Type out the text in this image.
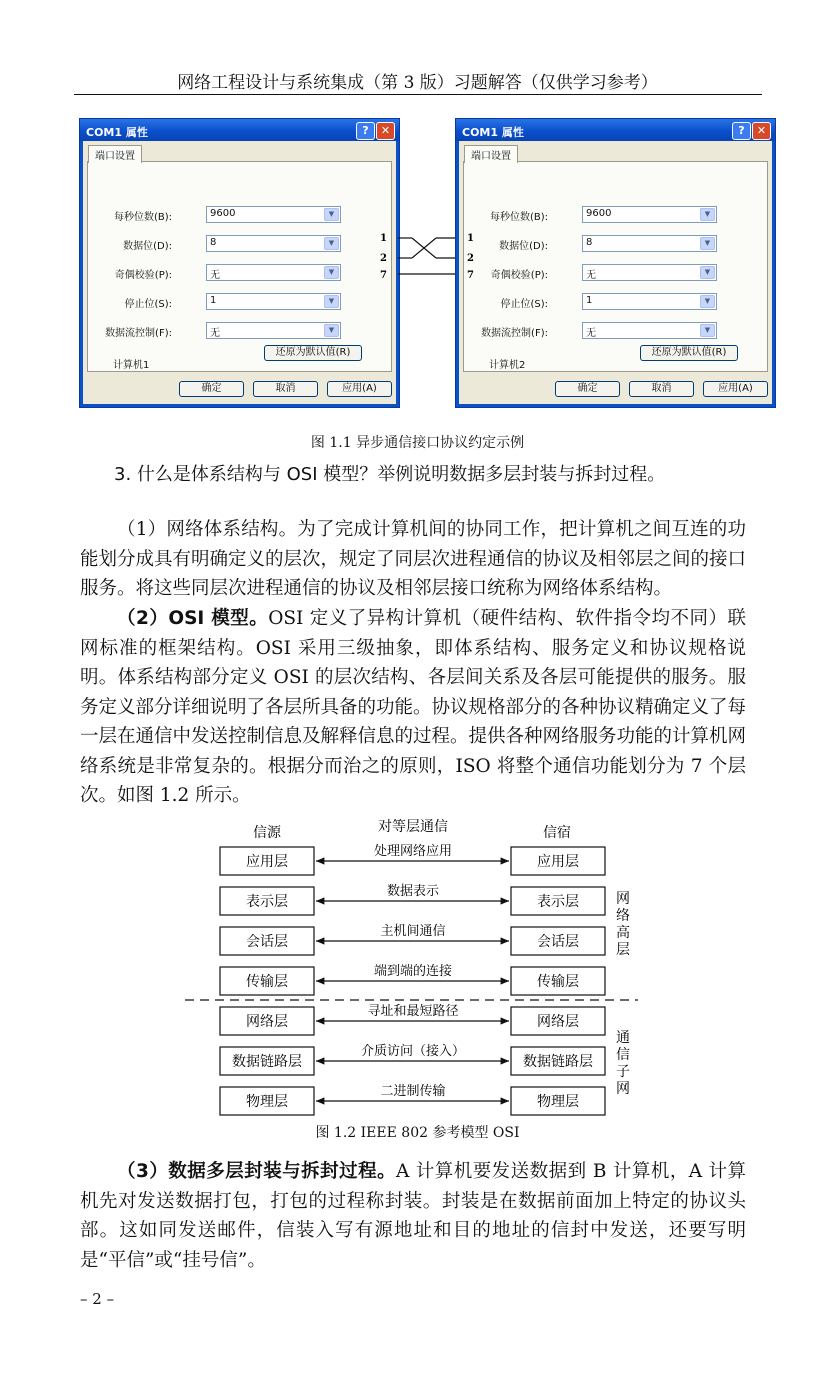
网络工程设计与系统集成（第 3 版）习题解答（仅供学习参考）
COM1 属性	?	✕
端口设置
每秒位数(B):	9600	▼
数据位(D):	8	▼
奇偶校验(P):	无	▼
停止位(S):	1	▼
数据流控制(F):	无	▼
计算机1
还原为默认值(R)
确定	取消	应用(A)
COM1 属性	?	✕
端口设置
每秒位数(B):	9600	▼
数据位(D):	8	▼
奇偶校验(P):	无	▼
停止位(S):	1	▼
数据流控制(F):	无	▼
计算机2
还原为默认值(R)
确定	取消	应用(A)
1
2
7
1
2
7
图 1.1 异步通信接口协议约定示例
3. 什么是体系结构与 OSI 模型？举例说明数据多层封装与拆封过程。
（1）网络体系结构。为了完成计算机间的协同工作，把计算机之间互连的功能划分成具有明确定义的层次，规定了同层次进程通信的协议及相邻层之间的接口服务。将这些同层次进程通信的协议及相邻层接口统称为网络体系结构。
（2）OSI 模型。OSI 定义了异构计算机（硬件结构、软件指令均不同）联网标准的框架结构。OSI 采用三级抽象，即体系结构、服务定义和协议规格说明。体系结构部分定义 OSI 的层次结构、各层间关系及各层可能提供的服务。服务定义部分详细说明了各层所具备的功能。协议规格部分的各种协议精确定义了每一层在通信中发送控制信息及解释信息的过程。提供各种网络服务功能的计算机网络系统是非常复杂的。根据分而治之的原则，ISO 将整个通信功能划分为 7 个层次。如图 1.2 所示。
信源	对等层通信	信宿
应用层	应用层
处理网络应用
表示层	表示层
数据表示
会话层	会话层
主机间通信
传输层	传输层
端到端的连接
网络层	网络层
寻址和最短路径
数据链路层	数据链路层
介质访问（接入）
物理层	物理层
二进制传输
网
络
高
层
通
信
子
网
图 1.2 IEEE 802 参考模型 OSI
（3）数据多层封装与拆封过程。A 计算机要发送数据到 B 计算机，A 计算机先对发送数据打包，打包的过程称封装。封装是在数据前面加上特定的协议头部。这如同发送邮件，信装入写有源地址和目的地址的信封中发送，还要写明是“平信”或“挂号信”。
– 2 –
